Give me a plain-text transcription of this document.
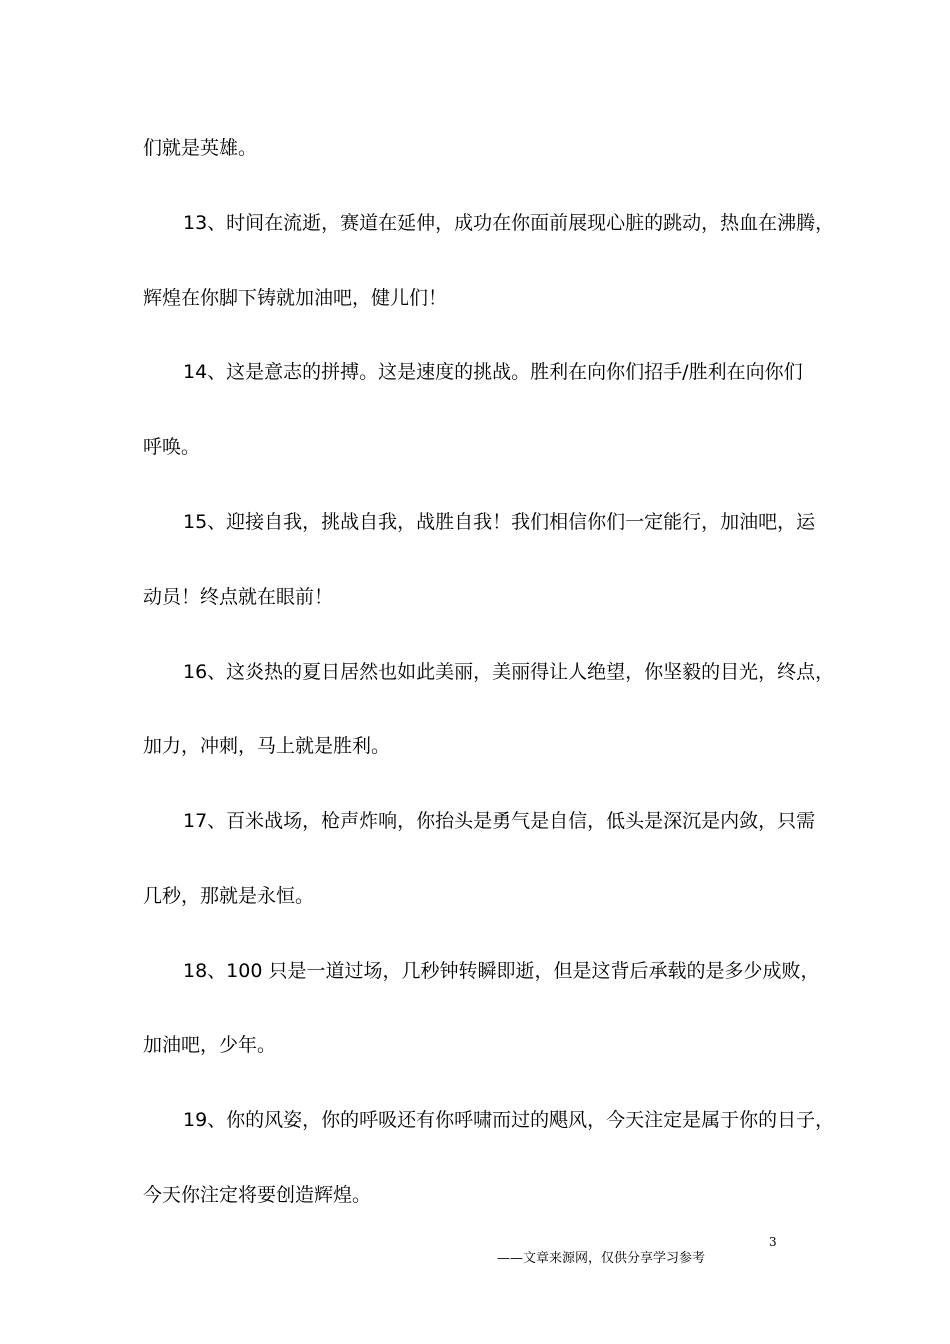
们就是英雄。
13、时间在流逝，赛道在延伸，成功在你面前展现心脏的跳动，热血在沸腾，
辉煌在你脚下铸就加油吧，健儿们！
14、这是意志的拼搏。这是速度的挑战。胜利在向你们招手/胜利在向你们
呼唤。
15、迎接自我，挑战自我，战胜自我！我们相信你们一定能行，加油吧，运
动员！终点就在眼前！
16、这炎热的夏日居然也如此美丽，美丽得让人绝望，你坚毅的目光，终点，
加力，冲刺，马上就是胜利。
17、百米战场，枪声炸响，你抬头是勇气是自信，低头是深沉是内敛，只需
几秒，那就是永恒。
18、100 只是一道过场，几秒钟转瞬即逝，但是这背后承载的是多少成败，
加油吧，少年。
19、你的风姿，你的呼吸还有你呼啸而过的飓风，今天注定是属于你的日子，
今天你注定将要创造辉煌。
3
——文章来源网，仅供分享学习参考
